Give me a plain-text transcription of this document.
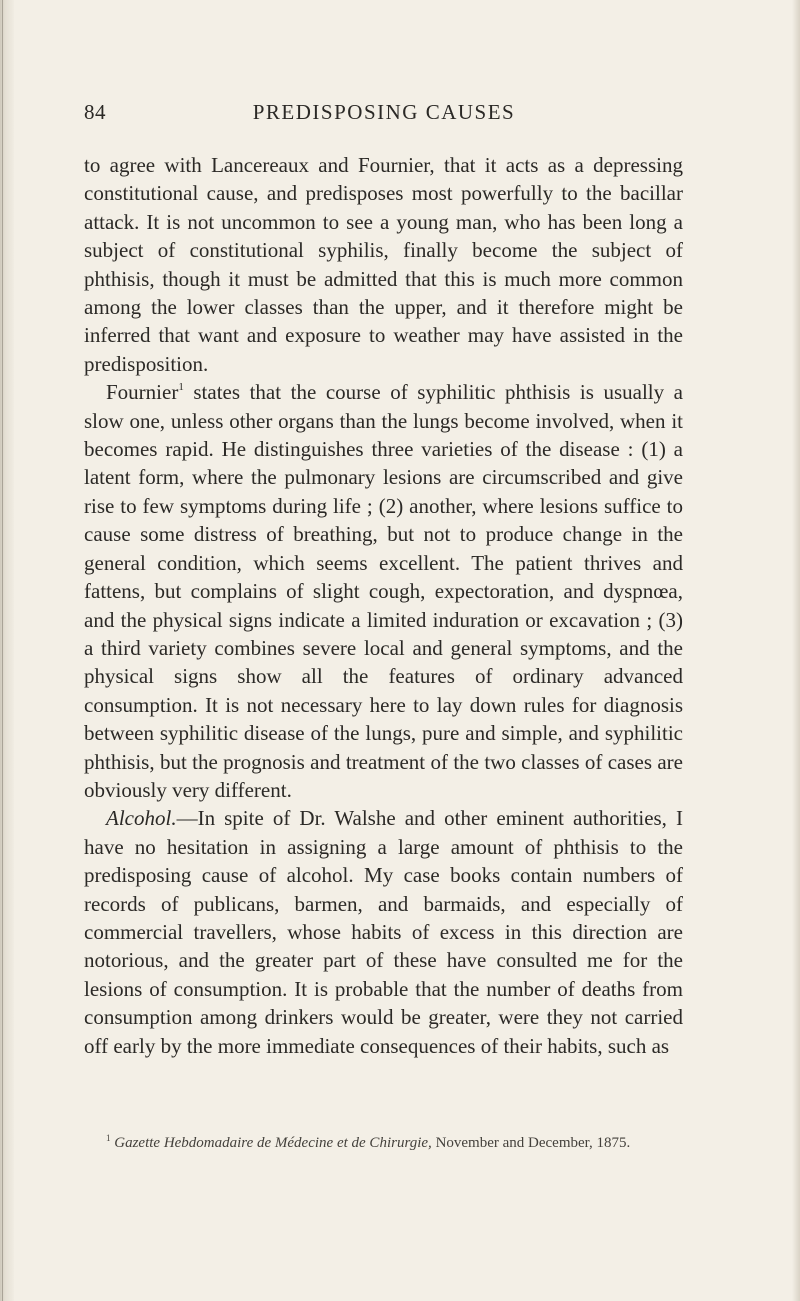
84	PREDISPOSING CAUSES

to agree with Lancereaux and Fournier, that it acts as a depressing constitutional cause, and predisposes most powerfully to the bacillar attack. It is not uncommon to see a young man, who has been long a subject of constitutional syphilis, finally become the subject of phthisis, though it must be admitted that this is much more common among the lower classes than the upper, and it therefore might be inferred that want and exposure to weather may have assisted in the predisposition.

Fournier$^1$ states that the course of syphilitic phthisis is usually a slow one, unless other organs than the lungs become involved, when it becomes rapid. He distinguishes three varieties of the disease : (1) a latent form, where the pulmonary lesions are circumscribed and give rise to few symptoms during life ; (2) another, where lesions suffice to cause some distress of breathing, but not to produce change in the general condition, which seems excellent. The patient thrives and fattens, but complains of slight cough, expectoration, and dyspnœa, and the physical signs indicate a limited induration or excavation ; (3) a third variety combines severe local and general symptoms, and the physical signs show all the features of ordinary advanced consumption. It is not necessary here to lay down rules for diagnosis between syphilitic disease of the lungs, pure and simple, and syphilitic phthisis, but the prognosis and treatment of the two classes of cases are obviously very different.

Alcohol.—In spite of Dr. Walshe and other eminent authorities, I have no hesitation in assigning a large amount of phthisis to the predisposing cause of alcohol. My case books contain numbers of records of publicans, barmen, and barmaids, and especially of commercial travellers, whose habits of excess in this direction are notorious, and the greater part of these have consulted me for the lesions of consumption. It is probable that the number of deaths from consumption among drinkers would be greater, were they not carried off early by the more immediate consequences of their habits, such as

$^1$ Gazette Hebdomadaire de Médecine et de Chirurgie, November and December, 1875.
